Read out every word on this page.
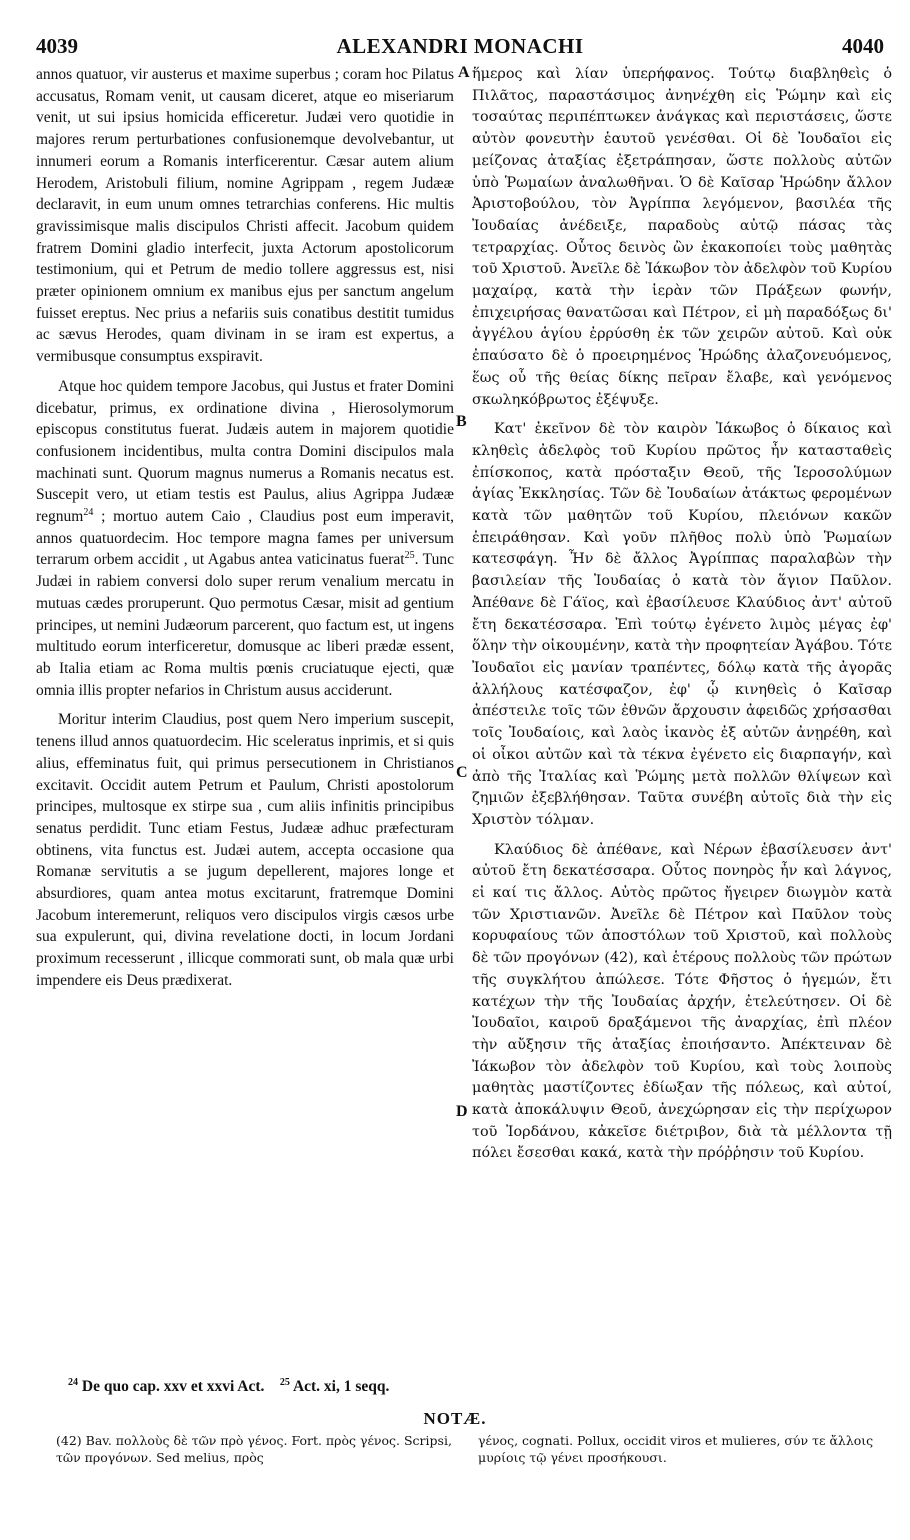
4039	ALEXANDRI MONACHI	4040

annos quatuor, vir austerus et maxime superbus ; coram hoc Pilatus accusatus, Romam venit, ut causam diceret, atque eo miseriarum venit, ut sui ipsius homicida efficeretur. Judæi vero quotidie in majores rerum perturbationes confusionemque devolvebantur, ut innumeri eorum a Romanis interficerentur. Cæsar autem alium Herodem, Aristobuli filium, nomine Agrippam , regem Judææ declaravit, in eum unum omnes tetrarchias conferens. Hic multis gravissimisque malis discipulos Christi affecit. Jacobum quidem fratrem Domini gladio interfecit, juxta Actorum apostolicorum testimonium, qui et Petrum de medio tollere aggressus est, nisi præter opinionem omnium ex manibus ejus per sanctum angelum fuisset ereptus. Nec prius a nefariis suis conatibus destitit tumidus ac sævus Herodes, quam divinam in se iram est expertus, a vermibusque consumptus exspiravit.

Atque hoc quidem tempore Jacobus, qui Justus et frater Domini dicebatur, primus, ex ordinatione divina , Hierosolymorum episcopus constitutus fuerat. Judæis autem in majorem quotidie confusionem incidentibus, multa contra Domini discipulos mala machinati sunt. Quorum magnus numerus a Romanis necatus est. Suscepit vero, ut etiam testis est Paulus, alius Agrippa Judææ regnum$^{24}$ ; mortuo autem Caio , Claudius post eum imperavit, annos quatuordecim. Hoc tempore magna fames per universum terrarum orbem accidit , ut Agabus antea vaticinatus fuerat$^{25}$. Tunc Judæi in rabiem conversi dolo super rerum venalium mercatu in mutuas cædes proruperunt. Quo permotus Cæsar, misit ad gentium principes, ut nemini Judæorum parcerent, quo factum est, ut ingens multitudo eorum interficeretur, domusque ac liberi prædæ essent, ab Italia etiam ac Roma multis pœnis cruciatuque ejecti, quæ omnia illis propter nefarios in Christum ausus acciderunt.

Moritur interim Claudius, post quem Nero imperium suscepit, tenens illud annos quatuordecim. Hic sceleratus inprimis, et si quis alius, effeminatus fuit, qui primus persecutionem in Christianos excitavit. Occidit autem Petrum et Paulum, Christi apostolorum principes, multosque ex stirpe sua , cum aliis infinitis principibus senatus perdidit. Tunc etiam Festus, Judææ adhuc præfecturam obtinens, vita functus est. Judæi autem, accepta occasione qua Romanæ servitutis a se jugum depellerent, majores longe et absurdiores, quam antea motus excitarunt, fratremque Domini Jacobum interemerunt, reliquos vero discipulos virgis cæsos urbe sua expulerunt, qui, divina revelatione docti, in locum Jordani proximum recesserunt , illicque commorati sunt, ob mala quæ urbi impendere eis Deus prædixerat.

A
B
C
D

ἥμερος καὶ λίαν ὑπερήφανος. Τούτῳ διαβληθεὶς ὁ Πιλᾶτος, παραστάσιμος ἀνηνέχθη εἰς Ῥώμην καὶ εἰς τοσαύτας περιπέπτωκεν ἀνάγκας καὶ περιστάσεις, ὥστε αὐτὸν φονευτὴν ἑαυτοῦ γενέσθαι. Οἱ δὲ Ἰουδαῖοι εἰς μείζονας ἀταξίας ἐξετράπησαν, ὥστε πολλοὺς αὐτῶν ὑπὸ Ῥωμαίων ἀναλωθῆναι. Ὁ δὲ Καῖσαρ Ἡρώδην ἄλλον Ἀριστοβούλου, τὸν Ἀγρίππα λεγόμενον, βασιλέα τῆς Ἰουδαίας ἀνέδειξε, παραδοὺς αὐτῷ πάσας τὰς τετραρχίας. Οὗτος δεινὸς ὢν ἐκακοποίει τοὺς μαθητὰς τοῦ Χριστοῦ. Ἀνεῖλε δὲ Ἰάκωβον τὸν ἀδελφὸν τοῦ Κυρίου μαχαίρᾳ, κατὰ τὴν ἱερὰν τῶν Πράξεων φωνήν, ἐπιχειρήσας θανατῶσαι καὶ Πέτρον, εἰ μὴ παραδόξως δι' ἀγγέλου ἁγίου ἐρρύσθη ἐκ τῶν χειρῶν αὐτοῦ. Καὶ οὐκ ἐπαύσατο δὲ ὁ προειρημένος Ἡρώδης ἀλαζονευόμενος, ἕως οὗ τῆς θείας δίκης πεῖραν ἔλαβε, καὶ γενόμενος σκωληκόβρωτος ἐξέψυξε.

Κατ' ἐκεῖνον δὲ τὸν καιρὸν Ἰάκωβος ὁ δίκαιος καὶ κληθεὶς ἀδελφὸς τοῦ Κυρίου πρῶτος ἦν κατασταθεὶς ἐπίσκοπος, κατὰ πρόσταξιν Θεοῦ, τῆς Ἱεροσολύμων ἁγίας Ἐκκλησίας. Τῶν δὲ Ἰουδαίων ἀτάκτως φερομένων κατὰ τῶν μαθητῶν τοῦ Κυρίου, πλειόνων κακῶν ἐπειράθησαν. Καὶ γοῦν πλῆθος πολὺ ὑπὸ Ῥωμαίων κατεσφάγη. Ἦν δὲ ἄλλος Ἀγρίππας παραλαβὼν τὴν βασιλείαν τῆς Ἰουδαίας ὁ κατὰ τὸν ἅγιον Παῦλον. Ἀπέθανε δὲ Γάϊος, καὶ ἐβασίλευσε Κλαύδιος ἀντ' αὐτοῦ ἔτη δεκατέσσαρα. Ἐπὶ τούτῳ ἐγένετο λιμὸς μέγας ἐφ' ὅλην τὴν οἰκουμένην, κατὰ τὴν προφητείαν Ἀγάβου. Τότε Ἰουδαῖοι εἰς μανίαν τραπέντες, δόλῳ κατὰ τῆς ἀγορᾶς ἀλλήλους κατέσφαζον, ἐφ' ᾧ κινηθεὶς ὁ Καῖσαρ ἀπέστειλε τοῖς τῶν ἐθνῶν ἄρχουσιν ἀφειδῶς χρήσασθαι τοῖς Ἰουδαίοις, καὶ λαὸς ἱκανὸς ἐξ αὐτῶν ἀνῃρέθη, καὶ οἱ οἶκοι αὐτῶν καὶ τὰ τέκνα ἐγένετο εἰς διαρπαγήν, καὶ ἀπὸ τῆς Ἰταλίας καὶ Ῥώμης μετὰ πολλῶν θλίψεων καὶ ζημιῶν ἐξεβλήθησαν. Ταῦτα συνέβη αὐτοῖς διὰ τὴν εἰς Χριστὸν τόλμαν.

Κλαύδιος δὲ ἀπέθανε, καὶ Νέρων ἐβασίλευσεν ἀντ' αὐτοῦ ἔτη δεκατέσσαρα. Οὗτος πονηρὸς ἦν καὶ λάγνος, εἰ καί τις ἄλλος. Αὐτὸς πρῶτος ἤγειρεν διωγμὸν κατὰ τῶν Χριστιανῶν. Ἀνεῖλε δὲ Πέτρον καὶ Παῦλον τοὺς κορυφαίους τῶν ἀποστόλων τοῦ Χριστοῦ, καὶ πολλοὺς δὲ τῶν προγόνων (42), καὶ ἑτέρους πολλοὺς τῶν πρώτων τῆς συγκλήτου ἀπώλεσε. Τότε Φῆστος ὁ ἡγεμών, ἔτι κατέχων τὴν τῆς Ἰουδαίας ἀρχήν, ἐτελεύτησεν. Οἱ δὲ Ἰουδαῖοι, καιροῦ δραξάμενοι τῆς ἀναρχίας, ἐπὶ πλέον τὴν αὔξησιν τῆς ἀταξίας ἐποιήσαντο. Ἀπέκτειναν δὲ Ἰάκωβον τὸν ἀδελφὸν τοῦ Κυρίου, καὶ τοὺς λοιποὺς μαθητὰς μαστίζοντες ἐδίωξαν τῆς πόλεως, καὶ αὐτοί, κατὰ ἀποκάλυψιν Θεοῦ, ἀνεχώρησαν εἰς τὴν περίχωρον τοῦ Ἰορδάνου, κἀκεῖσε διέτριβον, διὰ τὰ μέλλοντα τῇ πόλει ἔσεσθαι κακά, κατὰ τὴν πρόῤῥησιν τοῦ Κυρίου.

$^{24}$ De quo cap. xxv et xxvi Act. $^{25}$ Act. xi, 1 seqq.
NOTÆ.
(42) Bav. πολλοὺς δὲ τῶν πρὸ γένος. Fort. πρὸς γένος. Scripsi, τῶν προγόνων. Sed melius, πρὸς
γένος, cognati. Pollux, occidit viros et mulieres, σύν τε ἄλλοις μυρίοις τῷ γένει προσήκουσι.
